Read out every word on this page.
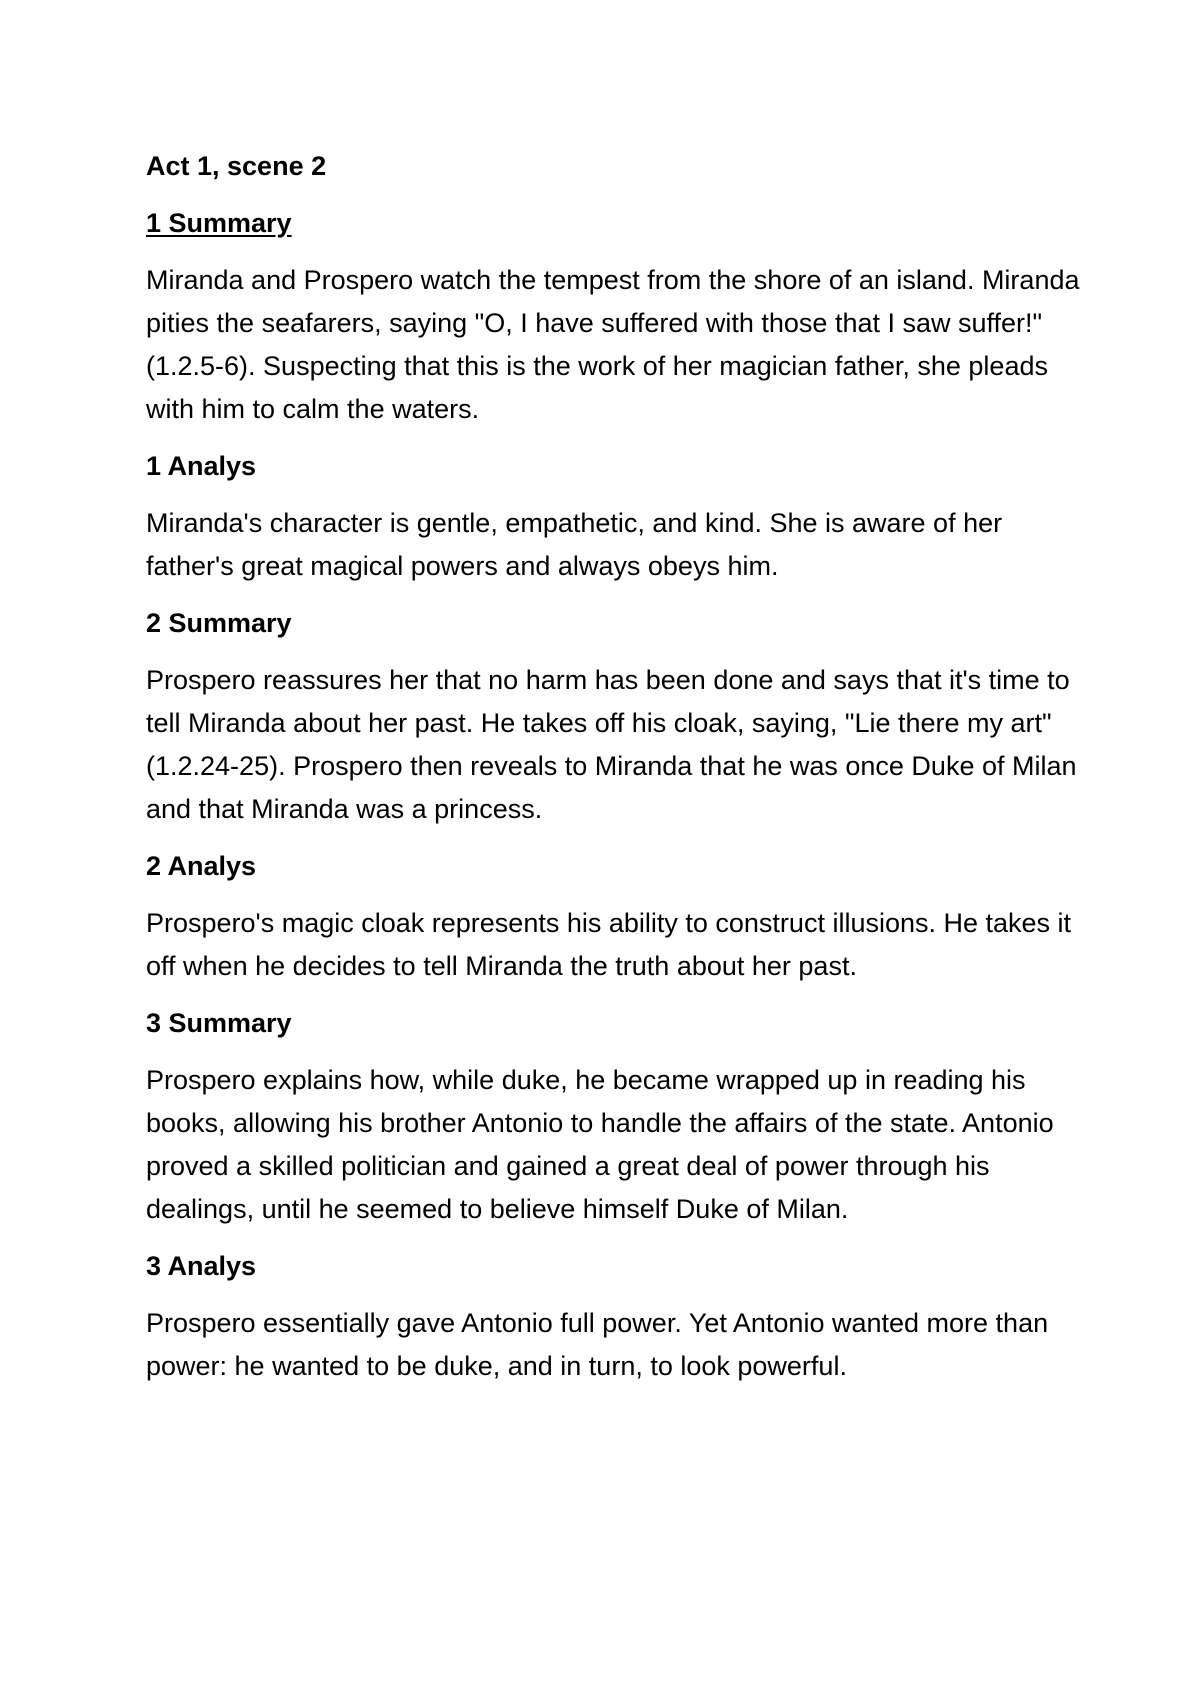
Act 1, scene 2
1 Summary
Miranda and Prospero watch the tempest from the shore of an island. Miranda pities the seafarers, saying "O, I have suffered with those that I saw suffer!" (1.2.5-6). Suspecting that this is the work of her magician father, she pleads with him to calm the waters.
1 Analys
Miranda's character is gentle, empathetic, and kind. She is aware of her father's great magical powers and always obeys him.
2 Summary
Prospero reassures her that no harm has been done and says that it's time to tell Miranda about her past. He takes off his cloak, saying, "Lie there my art" (1.2.24-25). Prospero then reveals to Miranda that he was once Duke of Milan and that Miranda was a princess.
2 Analys
Prospero's magic cloak represents his ability to construct illusions. He takes it off when he decides to tell Miranda the truth about her past.
3 Summary
Prospero explains how, while duke, he became wrapped up in reading his books, allowing his brother Antonio to handle the affairs of the state. Antonio proved a skilled politician and gained a great deal of power through his dealings, until he seemed to believe himself Duke of Milan.
3 Analys
Prospero essentially gave Antonio full power. Yet Antonio wanted more than power: he wanted to be duke, and in turn, to look powerful.
